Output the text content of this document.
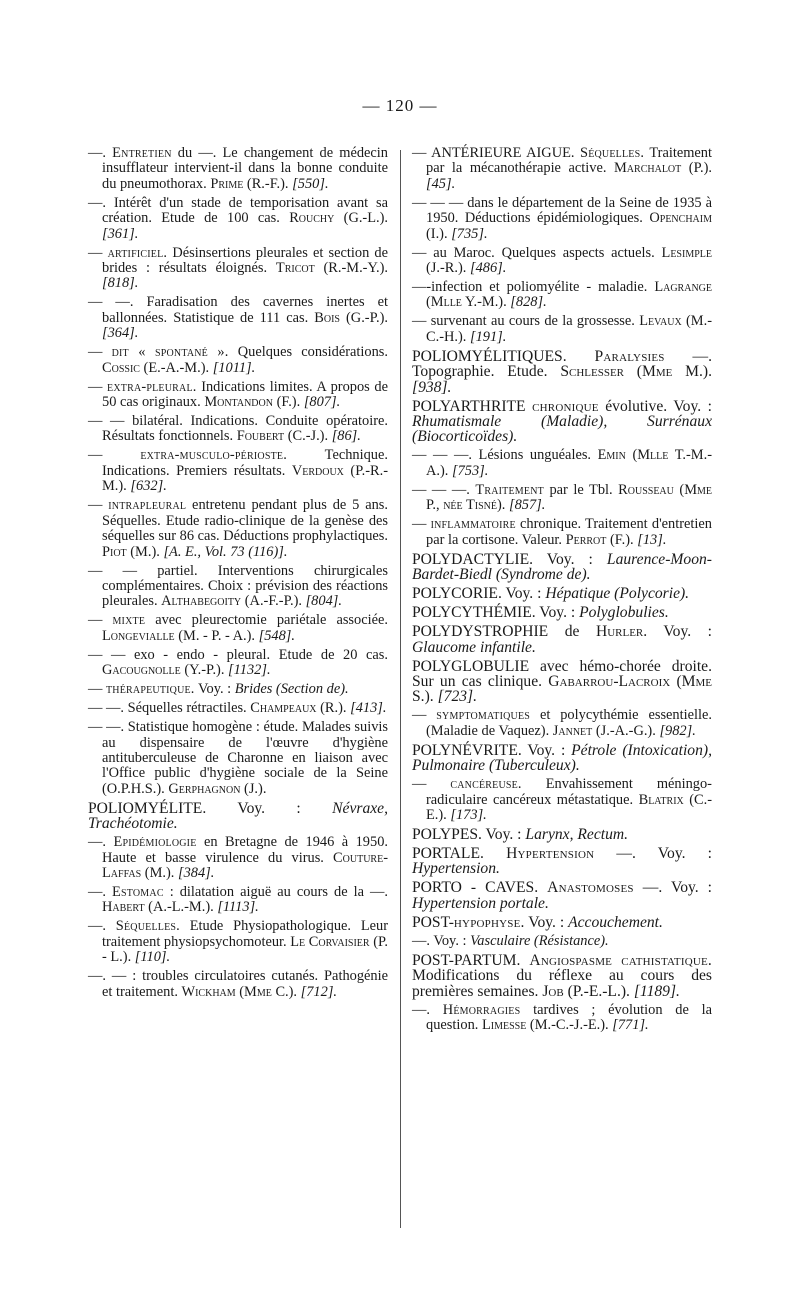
— 120 —

—. Entretien du —. Le changement de médecin insufflateur intervient-il dans la bonne conduite du pneumothorax. Prime (R.-F.). [550].

—. Intérêt d'un stade de temporisation avant sa création. Etude de 100 cas. Rouchy (G.-L.). [361].

— artificiel. Désinsertions pleurales et section de brides : résultats éloignés. Tricot (R.-M.-Y.). [818].

— —. Faradisation des cavernes inertes et ballonnées. Statistique de 111 cas. Bois (G.-P.). [364].

— dit « spontané ». Quelques considérations. Cossic (E.-A.-M.). [1011].

— extra-pleural. Indications limites. A propos de 50 cas originaux. Montandon (F.). [807].

— — bilatéral. Indications. Conduite opératoire. Résultats fonctionnels. Foubert (C.-J.). [86].

— extra-musculo-périoste. Technique. Indications. Premiers résultats. Verdoux (P.-R.-M.). [632].

— intrapleural entretenu pendant plus de 5 ans. Séquelles. Etude radio-clinique de la genèse des séquelles sur 86 cas. Déductions prophylactiques. Piot (M.). [A. E., Vol. 73 (116)].

— — partiel. Interventions chirurgicales complémentaires. Choix : prévision des réactions pleurales. Althabegoity (A.-F.-P.). [804].

— mixte avec pleurectomie pariétale associée. Longevialle (M. - P. - A.). [548].

— — exo - endo - pleural. Etude de 20 cas. Gacougnolle (Y.-P.). [1132].

— thérapeutique. Voy. : Brides (Section de).

— —. Séquelles rétractiles. Champeaux (R.). [413].

— —. Statistique homogène : étude. Malades suivis au dispensaire de l'œuvre d'hygiène antituberculeuse de Charonne en liaison avec l'Office public d'hygiène sociale de la Seine (O.P.H.S.). Gerphagnon (J.).

POLIOMYÉLITE. Voy. : Névraxe, Trachéotomie.

—. Epidémiologie en Bretagne de 1946 à 1950. Haute et basse virulence du virus. Couture-Laffas (M.). [384].

—. Estomac : dilatation aiguë au cours de la —. Habert (A.-L.-M.). [1113].

—. Séquelles. Etude Physiopathologique. Leur traitement physiopsychomoteur. Le Corvaisier (P. - L.). [110].

—. — : troubles circulatoires cutanés. Pathogénie et traitement. Wickham (Mme C.). [712].

— ANTÉRIEURE AIGUE. Séquelles. Traitement par la mécanothérapie active. Marchalot (P.). [45].

— — — dans le département de la Seine de 1935 à 1950. Déductions épidémiologiques. Openchaim (I.). [735].

— au Maroc. Quelques aspects actuels. Lesimple (J.-R.). [486].

—-infection et poliomyélite - maladie. Lagrange (Mlle Y.-M.). [828].

— survenant au cours de la grossesse. Levaux (M.-C.-H.). [191].

POLIOMYÉLITIQUES. Paralysies —. Topographie. Etude. Schlesser (Mme M.). [938].

POLYARTHRITE chronique évolutive. Voy. : Rhumatismale (Maladie), Surrénaux (Biocorticoïdes).

— — —. Lésions unguéales. Emin (Mlle T.-M.-A.). [753].

— — —. Traitement par le Tbl. Rousseau (Mme P., née Tisné). [857].

— inflammatoire chronique. Traitement d'entretien par la cortisone. Valeur. Perrot (F.). [13].

POLYDACTYLIE. Voy. : Laurence-Moon-Bardet-Biedl (Syndrome de).

POLYCORIE. Voy. : Hépatique (Polycorie).

POLYCYTHÉMIE. Voy. : Polyglobulies.

POLYDYSTROPHIE de Hurler. Voy. : Glaucome infantile.

POLYGLOBULIE avec hémo-chorée droite. Sur un cas clinique. Gabarrou-Lacroix (Mme S.). [723].

— symptomatiques et polycythémie essentielle. (Maladie de Vaquez). Jannet (J.-A.-G.). [982].

POLYNÉVRITE. Voy. : Pétrole (Intoxication), Pulmonaire (Tuberculeux).

— cancéreuse. Envahissement méningo-radiculaire cancéreux métastatique. Blatrix (C.-E.). [173].

POLYPES. Voy. : Larynx, Rectum.

PORTALE. Hypertension —. Voy. : Hypertension.

PORTO - CAVES. Anastomoses —. Voy. : Hypertension portale.

POST-hypophyse. Voy. : Accouchement.

—. Voy. : Vasculaire (Résistance).

POST-PARTUM. Angiospasme cathistatique. Modifications du réflexe au cours des premières semaines. Job (P.-E.-L.). [1189].

—. Hémorragies tardives ; évolution de la question. Limesse (M.-C.-J.-E.). [771].
